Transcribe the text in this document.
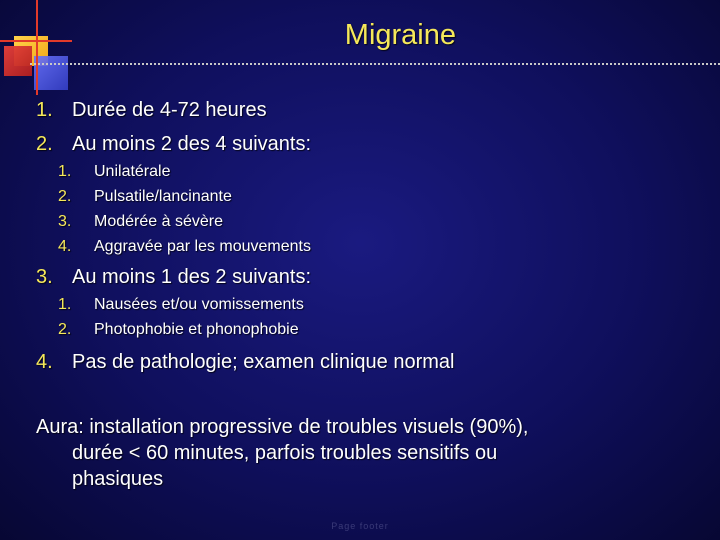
Migraine
1. Durée de 4-72 heures
2. Au moins 2 des 4 suivants:
1. Unilatérale
2. Pulsatile/lancinante
3. Modérée à sévère
4. Aggravée par les mouvements
3. Au moins 1 des 2 suivants:
1. Nausées et/ou vomissements
2. Photophobie et phonophobie
4. Pas de pathologie; examen clinique normal
Aura: installation progressive de troubles visuels (90%),
durée < 60 minutes, parfois troubles sensitifs ou
phasiques
Page footer
